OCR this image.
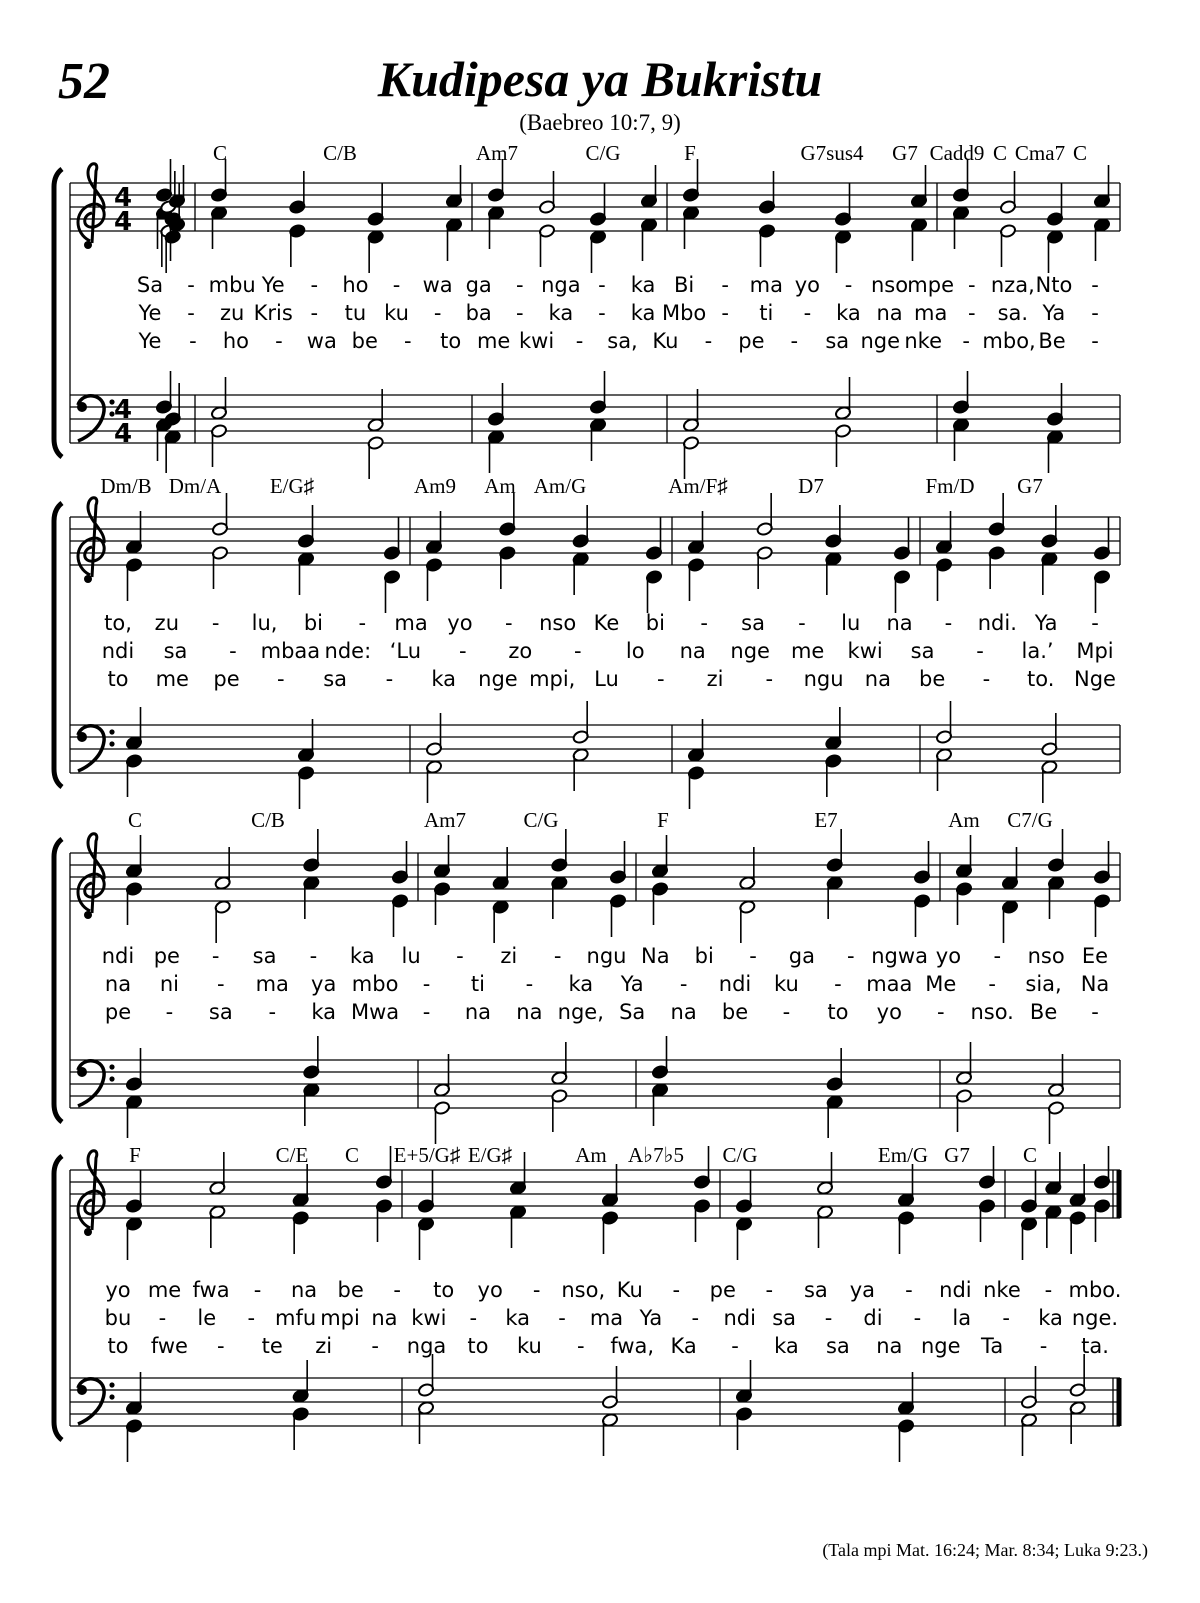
52	Kudipesa ya Bukristu
(Baebreo 10:7, 9)
4
4
4
4
C	C/B	Am7	C/G	F	G7sus4 G7 Cadd9 C Cma7 C
Sa - mbu Ye - ho - wa ga - nga - ka Bi - ma yo - nso mpe - nza, Nto -
Ye - zu Kris - tu ku - ba - ka - ka Mbo - ti - ka na ma - sa. Ya -
Ye - ho - wa be - to me kwi - sa, Ku - pe - sa nge nke - mbo, Be -
Dm/B Dm/A E/G♯	Am9 Am Am/G	Am/F♯	D7	Fm/D G7
to, zu - lu, bi - ma yo - nso Ke bi - sa - lu na - ndi. Ya -
ndi sa - mbaa nde: ‘Lu - zo - lo na nge me kwi sa - la.’ Mpi
to me pe - sa - ka nge mpi, Lu - zi - ngu na be - to. Nge
C	C/B	Am7	C/G	F	E7	Am C7/G
ndi pe - sa - ka lu - zi - ngu Na bi - ga - ngwa yo - nso Ee
na ni - ma ya mbo - ti - ka Ya - ndi ku - maa Me - sia, Na
pe - sa - ka Mwa - na na nge, Sa na be - to yo - nso. Be -
F	C/E C E+5/G♯ E/G♯	Am A♭7♭5 C/G	Em/G G7	C
yo me fwa - na be - to yo - nso, Ku - pe - sa ya - ndi nke - mbo.
bu - le - mfu mpi na kwi - ka - ma Ya - ndi sa - di - la - ka nge.
to fwe - te zi - nga to ku - fwa, Ka - ka sa na nge Ta - ta.
(Tala mpi Mat. 16:24; Mar. 8:34; Luka 9:23.)
